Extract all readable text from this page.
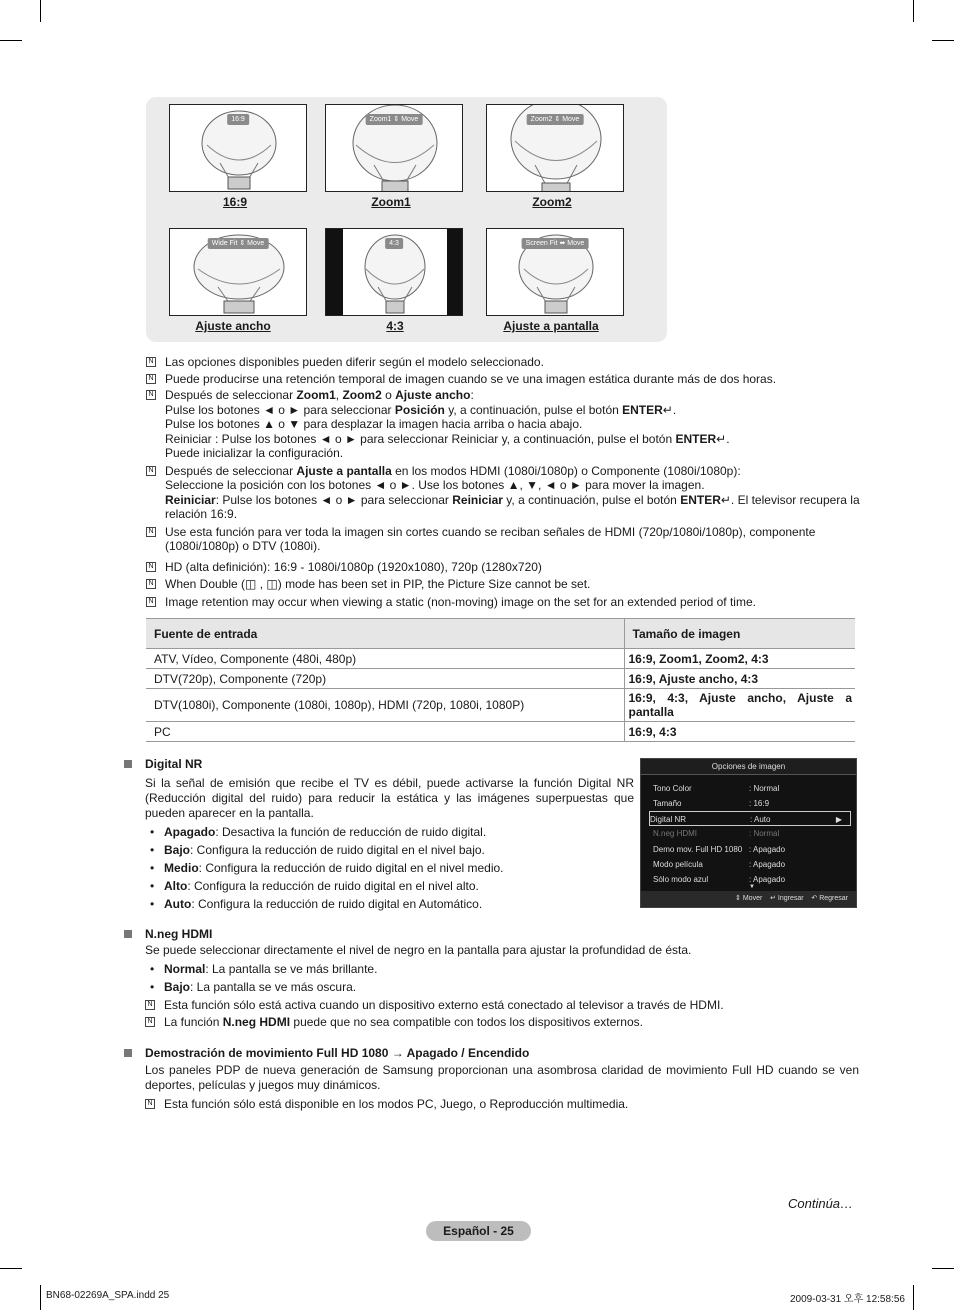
16:9
16:9
Zoom1 ⇕ Move
Zoom1
Zoom2 ⇕ Move
Zoom2
Wide Fit ⇕ Move
Ajuste ancho
4:3
4:3
Screen Fit ⬌ Move
Ajuste a pantalla
N Las opciones disponibles pueden diferir según el modelo seleccionado.

N Puede producirse una retención temporal de imagen cuando se ve una imagen estática durante más de dos horas.

N Después de seleccionar Zoom1, Zoom2 o Ajuste ancho:

Pulse los botones ◄ o ► para seleccionar Posición y, a continuación, pulse el botón ENTER↵.

Pulse los botones ▲ o ▼ para desplazar la imagen hacia arriba o hacia abajo.

Reiniciar : Pulse los botones ◄ o ► para seleccionar Reiniciar y, a continuación, pulse el botón ENTER↵.

Puede inicializar la configuración.

N Después de seleccionar Ajuste a pantalla en los modos HDMI (1080i/1080p) o Componente (1080i/1080p):

Seleccione la posición con los botones ◄ o ►. Use los botones ▲, ▼, ◄ o ► para mover la imagen.

Reiniciar: Pulse los botones ◄ o ► para seleccionar Reiniciar y, a continuación, pulse el botón ENTER↵. El televisor recupera la relación 16:9.

N Use esta función para ver toda la imagen sin cortes cuando se reciban señales de HDMI (720p/1080i/1080p), componente (1080i/1080p) o DTV (1080i).

N HD (alta definición): 16:9 - 1080i/1080p (1920x1080), 720p (1280x720)

N When Double (◫ , ◫) mode has been set in PIP, the Picture Size cannot be set.

N Image retention may occur when viewing a static (non-moving) image on the set for an extended period of time.

Fuente de entrada	Tamaño de imagen
ATV, Vídeo, Componente (480i, 480p)	16:9, Zoom1, Zoom2, 4:3
DTV(720p), Componente (720p)	16:9, Ajuste ancho, 4:3
DTV(1080i), Componente (1080i, 1080p), HDMI (720p, 1080i, 1080P)	16:9, 4:3, Ajuste ancho, Ajuste a pantalla
PC	16:9, 4:3
Digital NR
Si la señal de emisión que recibe el TV es débil, puede activarse la función Digital NR (Reducción digital del ruido) para reducir la estática y las imágenes superpuestas que pueden aparecer en la pantalla.
• Apagado: Desactiva la función de reducción de ruido digital.
• Bajo: Configura la reducción de ruido digital en el nivel bajo.
• Medio: Configura la reducción de ruido digital en el nivel medio.
• Alto: Configura la reducción de ruido digital en el nivel alto.
• Auto: Configura la reducción de ruido digital en Automático.
Opciones de imagen
Tono Color	: Normal
Tamaño	: 16:9
Digital NR	: Auto	▶
N.neg HDMI	: Normal
Demo mov. Full HD 1080 : Apagado
Modo película	: Apagado
Sólo modo azul	: Apagado
▼
⇕ Mover ↵ Ingresar ↶ Regresar
N.neg HDMI
Se puede seleccionar directamente el nivel de negro en la pantalla para ajustar la profundidad de ésta.
• Normal: La pantalla se ve más brillante.
• Bajo: La pantalla se ve más oscura.
N Esta función sólo está activa cuando un dispositivo externo está conectado al televisor a través de HDMI.

N La función N.neg HDMI puede que no sea compatible con todos los dispositivos externos.

Demostración de movimiento Full HD 1080 → Apagado / Encendido
Los paneles PDP de nueva generación de Samsung proporcionan una asombrosa claridad de movimiento Full HD cuando se ven deportes, películas y juegos muy dinámicos.
N Esta función sólo está disponible en los modos PC, Juego, o Reproducción multimedia.

Continúa…
Español - 25
BN68-02269A_SPA.indd 25	2009-03-31 오후 12:58:56
